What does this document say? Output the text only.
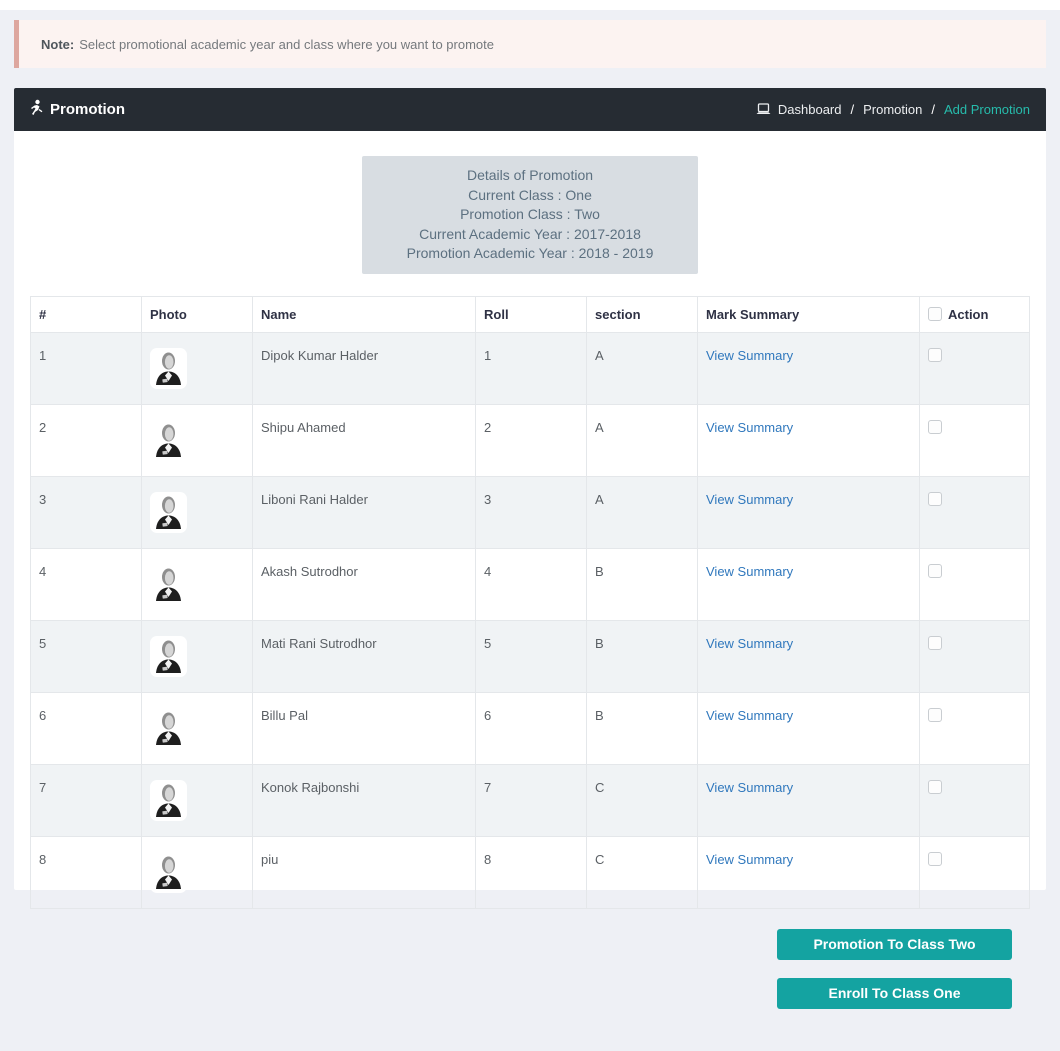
Note: Select promotional academic year and class where you want to promote
Promotion	Dashboard / Promotion / Add Promotion
Details of Promotion
Current Class : One
Promotion Class : Two
Current Academic Year : 2017-2018
Promotion Academic Year : 2018 - 2019
#	Photo	Name	Roll	section	Mark Summary	Action

1		Dipok Kumar Halder	1	A	View Summary	
2		Shipu Ahamed	2	A	View Summary	
3		Liboni Rani Halder	3	A	View Summary	
4		Akash Sutrodhor	4	B	View Summary	
5		Mati Rani Sutrodhor	5	B	View Summary	
6		Billu Pal	6	B	View Summary	
7		Konok Rajbonshi	7	C	View Summary	
8		piu	8	C	View Summary	
Promotion To Class Two
Enroll To Class One
